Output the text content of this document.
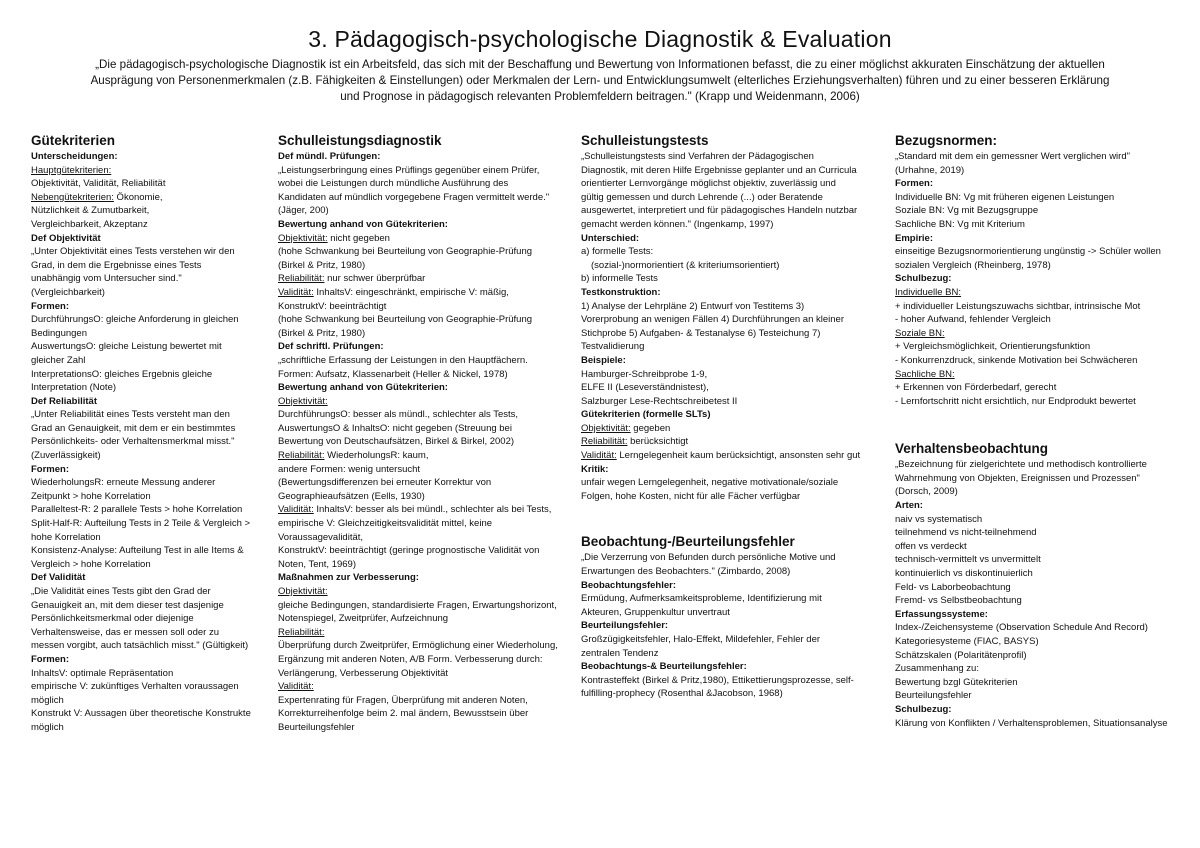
3. Pädagogisch-psychologische Diagnostik & Evaluation

„Die pädagogisch-psychologische Diagnostik ist ein Arbeitsfeld, das sich mit der Beschaffung und Bewertung von Informationen befasst, die zu einer möglichst akkuraten Einschätzung der aktuellen Ausprägung von Personenmerkmalen (z.B. Fähigkeiten & Einstellungen) oder Merkmalen der Lern- und Entwicklungsumwelt (elterliches Erziehungsverhalten) führen und zu einer besseren Erklärung und Prognose in pädagogisch relevanten Problemfeldern beitragen." (Krapp und Weidenmann, 2006)

Gütekriterien
Unterscheidungen:
Hauptgütekriterien:
Objektivität, Validität, Reliabilität
Nebengütekriterien: Ökonomie,
Nützlichkeit & Zumutbarkeit,
Vergleichbarkeit, Akzeptanz
Def Objektivität
„Unter Objektivität eines Tests verstehen wir den Grad, in dem die Ergebnisse eines Tests unabhängig vom Untersucher sind." (Vergleichbarkeit)
Formen:
DurchführungsO: gleiche Anforderung in gleichen Bedingungen
AuswertungsO: gleiche Leistung bewertet mit gleicher Zahl
InterpretationsO: gleiches Ergebnis gleiche Interpretation (Note)
Def Reliabilität
„Unter Reliabilität eines Tests versteht man den Grad an Genauigkeit, mit dem er ein bestimmtes Persönlichkeits- oder Verhaltensmerkmal misst." (Zuverlässigkeit)
Formen:
WiederholungsR: erneute Messung anderer Zeitpunkt > hohe Korrelation
Paralleltest-R: 2 parallele Tests > hohe Korrelation
Split-Half-R: Aufteilung Tests in 2 Teile & Vergleich > hohe Korrelation
Konsistenz-Analyse: Aufteilung Test in alle Items & Vergleich > hohe Korrelation
Def Validität
„Die Validität eines Tests gibt den Grad der Genauigkeit an, mit dem dieser test dasjenige Persönlichkeitsmerkmal oder diejenige Verhaltensweise, das er messen soll oder zu messen vorgibt, auch tatsächlich misst." (Gültigkeit)
Formen:
InhaltsV: optimale Repräsentation
empirische V: zukünftiges Verhalten voraussagen möglich
Konstrukt V: Aussagen über theoretische Konstrukte möglich
Schulleistungsdiagnostik
Def mündl. Prüfungen:
„Leistungserbringung eines Prüflings gegenüber einem Prüfer, wobei die Leistungen durch mündliche Ausführung des Kandidaten auf mündlich vorgegebene Fragen vermittelt werde." (Jäger, 200)
Bewertung anhand von Gütekriterien:
Objektivität: nicht gegeben
(hohe Schwankung bei Beurteilung von Geographie-Prüfung (Birkel & Pritz, 1980)
Reliabilität: nur schwer überprüfbar
Validität: InhaltsV: eingeschränkt, empirische V: mäßig, KonstruktV: beeinträchtigt
(hohe Schwankung bei Beurteilung von Geographie-Prüfung (Birkel & Pritz, 1980)
Def schriftl. Prüfungen:
„schriftliche Erfassung der Leistungen in den Hauptfächern. Formen: Aufsatz, Klassenarbeit (Heller & Nickel, 1978)
Bewertung anhand von Gütekriterien:
Objektivität:
DurchführungsO: besser als mündl., schlechter als Tests, AuswertungsO & InhaltsO: nicht gegeben (Streuung bei Bewertung von Deutschaufsätzen, Birkel & Birkel, 2002)
Reliabilität: WiederholungsR: kaum,
andere Formen: wenig untersucht
(Bewertungsdifferenzen bei erneuter Korrektur von Geographieaufsätzen (Eells, 1930)
Validität: InhaltsV: besser als bei mündl., schlechter als bei Tests, empirische V: Gleichzeitigkeitsvalidität mittel, keine Voraussagevalidität,
KonstruktV: beeinträchtigt (geringe prognostische Validität von Noten, Tent, 1969)
Maßnahmen zur Verbesserung:
Objektivität:
gleiche Bedingungen, standardisierte Fragen, Erwartungshorizont, Notenspiegel, Zweitprüfer, Aufzeichnung
Reliabilität:
Überprüfung durch Zweitprüfer, Ermöglichung einer Wiederholung, Ergänzung mit anderen Noten, A/B Form. Verbesserung durch: Verlängerung, Verbesserung Objektivität
Validität:
Expertenrating für Fragen, Überprüfung mit anderen Noten, Korrekturreihenfolge beim 2. mal ändern, Bewusstsein über Beurteilungsfehler
Schulleistungstests
„Schulleistungstests sind Verfahren der Pädagogischen Diagnostik, mit deren Hilfe Ergebnisse geplanter und an Curricula orientierter Lernvorgänge möglichst objektiv, zuverlässig und gültig gemessen und durch Lehrende (...) oder Beratende ausgewertet, interpretiert und für pädagogisches Handeln nutzbar gemacht werden können." (Ingenkamp, 1997)
Unterschied:
a) formelle Tests:
(sozial-)normorientiert (& kriteriumsorientiert)
b) informelle Tests
Testkonstruktion:
1) Analyse der Lehrpläne 2) Entwurf von Testitems 3) Vorerprobung an wenigen Fällen 4) Durchführungen an kleiner Stichprobe 5) Aufgaben- & Testanalyse 6) Testeichung 7) Testvalidierung
Beispiele:
Hamburger-Schreibprobe 1-9,
ELFE II (Leseverständnistest),
Salzburger Lese-Rechtschreibetest II
Gütekriterien (formelle SLTs)
Objektivität: gegeben
Reliabilität: berücksichtigt
Validität: Lerngelegenheit kaum berücksichtigt, ansonsten sehr gut
Kritik:
unfair wegen Lerngelegenheit, negative motivationale/soziale Folgen, hohe Kosten, nicht für alle Fächer verfügbar
Beobachtung-/Beurteilungsfehler
„Die Verzerrung von Befunden durch persönliche Motive und Erwartungen des Beobachters." (Zimbardo, 2008)
Beobachtungsfehler:
Ermüdung, Aufmerksamkeitsprobleme, Identifizierung mit Akteuren, Gruppenkultur unvertraut
Beurteilungsfehler:
Großzügigkeitsfehler, Halo-Effekt, Mildefehler, Fehler der zentralen Tendenz
Beobachtungs-& Beurteilungsfehler:
Kontrasteffekt (Birkel & Pritz,1980), Ettikettierungsprozesse, self-fulfilling-prophecy (Rosenthal &Jacobson, 1968)
Bezugsnormen:
„Standard mit dem ein gemessner Wert verglichen wird" (Urhahne, 2019)
Formen:
Individuelle BN: Vg mit früheren eigenen Leistungen
Soziale BN: Vg mit Bezugsgruppe
Sachliche BN: Vg mit Kriterium
Empirie:
einseitige Bezugsnormorientierung ungünstig -> Schüler wollen sozialen Vergleich (Rheinberg, 1978)
Schulbezug:
Individuelle BN:
+ individueller Leistungszuwachs sichtbar, intrinsische Mot
- hoher Aufwand, fehlender Vergleich
Soziale BN:
+ Vergleichsmöglichkeit, Orientierungsfunktion
- Konkurrenzdruck, sinkende Motivation bei Schwächeren
Sachliche BN:
+ Erkennen von Förderbedarf, gerecht
- Lernfortschritt nicht ersichtlich, nur Endprodukt bewertet
Verhaltensbeobachtung
„Bezeichnung für zielgerichtete und methodisch kontrollierte Wahrnehmung von Objekten, Ereignissen und Prozessen" (Dorsch, 2009)
Arten:
naiv vs systematisch
teilnehmend vs nicht-teilnehmend
offen vs verdeckt
technisch-vermittelt vs unvermittelt
kontinuierlich vs diskontinuierlich
Feld- vs Laborbeobachtung
Fremd- vs Selbstbeobachtung
Erfassungssysteme:
Index-/Zeichensysteme (Observation Schedule And Record)
Kategoriesysteme (FIAC, BASYS)
Schätzskalen (Polaritätenprofil)
Zusammenhang zu:
Bewertung bzgl Gütekriterien
Beurteilungsfehler
Schulbezug:
Klärung von Konflikten / Verhaltensproblemen, Situationsanalyse
